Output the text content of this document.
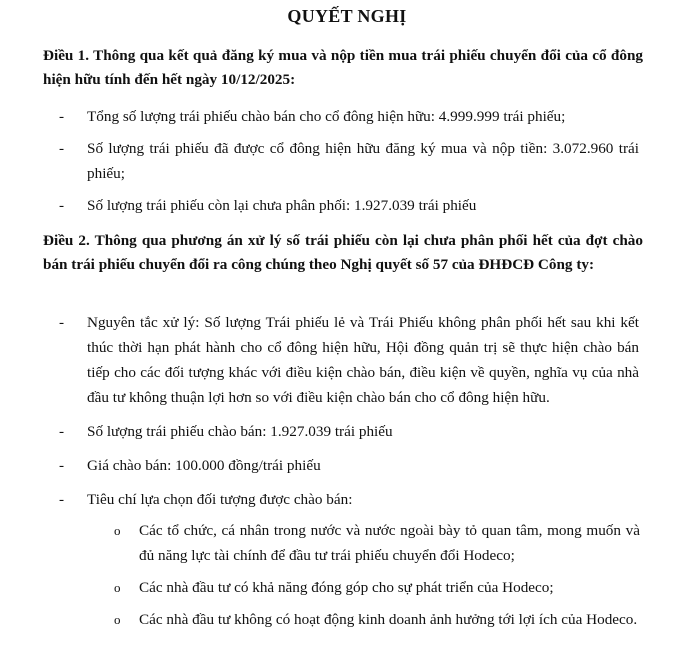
QUYẾT NGHỊ
Điều 1. Thông qua kết quả đăng ký mua và nộp tiền mua trái phiếu chuyển đổi của cổ đông hiện hữu tính đến hết ngày 10/12/2025:
- Tổng số lượng trái phiếu chào bán cho cổ đông hiện hữu: 4.999.999 trái phiếu;
- Số lượng trái phiếu đã được cổ đông hiện hữu đăng ký mua và nộp tiền: 3.072.960 trái phiếu;
- Số lượng trái phiếu còn lại chưa phân phối: 1.927.039 trái phiếu
Điều 2. Thông qua phương án xử lý số trái phiếu còn lại chưa phân phối hết của đợt chào bán trái phiếu chuyển đổi ra công chúng theo Nghị quyết số 57 của ĐHĐCĐ Công ty:
- Nguyên tắc xử lý: Số lượng Trái phiếu lẻ và Trái Phiếu không phân phối hết sau khi kết thúc thời hạn phát hành cho cổ đông hiện hữu, Hội đồng quản trị sẽ thực hiện chào bán tiếp cho các đối tượng khác với điều kiện chào bán, điều kiện về quyền, nghĩa vụ của nhà đầu tư không thuận lợi hơn so với điều kiện chào bán cho cổ đông hiện hữu.
- Số lượng trái phiếu chào bán: 1.927.039 trái phiếu
- Giá chào bán: 100.000 đồng/trái phiếu
- Tiêu chí lựa chọn đối tượng được chào bán:
o Các tổ chức, cá nhân trong nước và nước ngoài bày tỏ quan tâm, mong muốn và đủ năng lực tài chính để đầu tư trái phiếu chuyển đổi Hodeco;
o Các nhà đầu tư có khả năng đóng góp cho sự phát triển của Hodeco;
o Các nhà đầu tư không có hoạt động kinh doanh ảnh hưởng tới lợi ích của Hodeco.
